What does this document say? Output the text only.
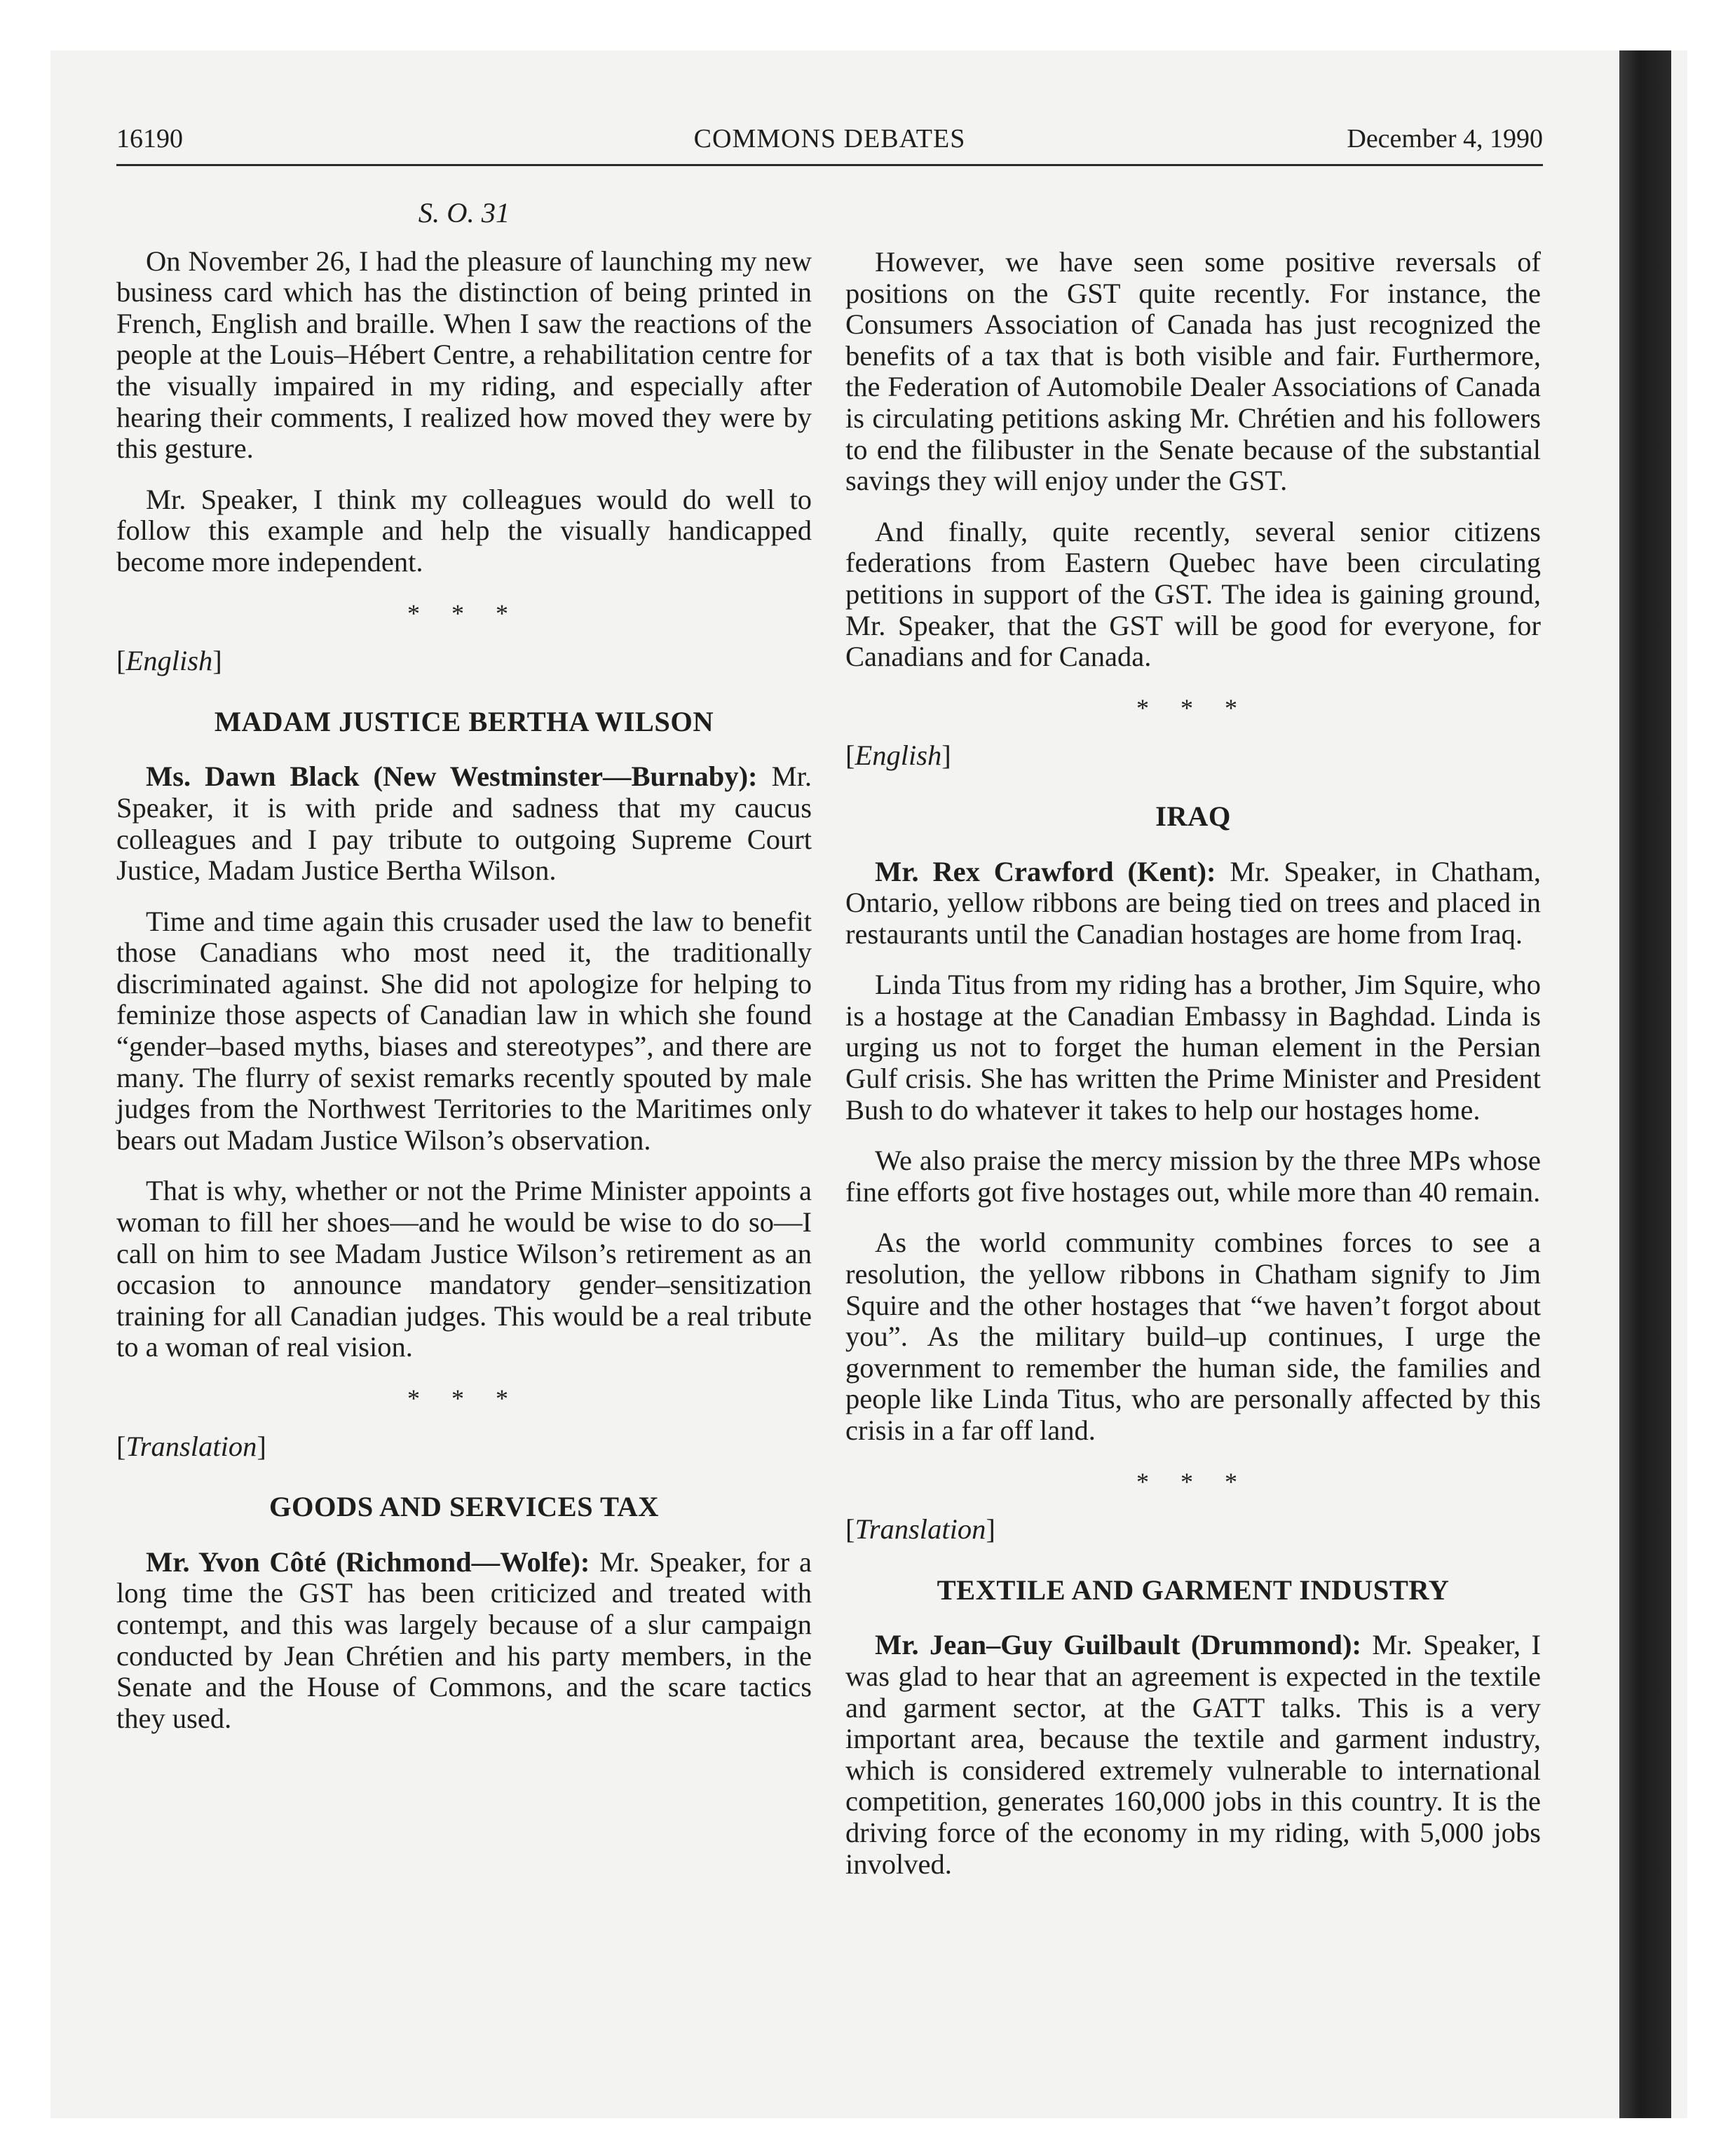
16190	COMMONS DEBATES	December 4, 1990

S. O. 31

On November 26, I had the pleasure of launching my new business card which has the distinction of being printed in French, English and braille. When I saw the reactions of the people at the Louis–Hébert Centre, a rehabilitation centre for the visually impaired in my riding, and especially after hearing their comments, I realized how moved they were by this gesture.

Mr. Speaker, I think my colleagues would do well to follow this example and help the visually handicapped become more independent.

* * *

[English]

MADAM JUSTICE BERTHA WILSON

Ms. Dawn Black (New Westminster—Burnaby): Mr. Speaker, it is with pride and sadness that my caucus colleagues and I pay tribute to outgoing Supreme Court Justice, Madam Justice Bertha Wilson.

Time and time again this crusader used the law to benefit those Canadians who most need it, the traditionally discriminated against. She did not apologize for helping to feminize those aspects of Canadian law in which she found “gender–based myths, biases and stereotypes”, and there are many. The flurry of sexist remarks recently spouted by male judges from the Northwest Territories to the Maritimes only bears out Madam Justice Wilson’s observation.

That is why, whether or not the Prime Minister appoints a woman to fill her shoes—and he would be wise to do so—I call on him to see Madam Justice Wilson’s retirement as an occasion to announce mandatory gender–sensitization training for all Canadian judges. This would be a real tribute to a woman of real vision.

* * *

[Translation]

GOODS AND SERVICES TAX

Mr. Yvon Côté (Richmond—Wolfe): Mr. Speaker, for a long time the GST has been criticized and treated with contempt, and this was largely because of a slur campaign conducted by Jean Chrétien and his party members, in the Senate and the House of Commons, and the scare tactics they used.

However, we have seen some positive reversals of positions on the GST quite recently. For instance, the Consumers Association of Canada has just recognized the benefits of a tax that is both visible and fair. Furthermore, the Federation of Automobile Dealer Associations of Canada is circulating petitions asking Mr. Chrétien and his followers to end the filibuster in the Senate because of the substantial savings they will enjoy under the GST.

And finally, quite recently, several senior citizens federations from Eastern Quebec have been circulating petitions in support of the GST. The idea is gaining ground, Mr. Speaker, that the GST will be good for everyone, for Canadians and for Canada.

* * *

[English]

IRAQ

Mr. Rex Crawford (Kent): Mr. Speaker, in Chatham, Ontario, yellow ribbons are being tied on trees and placed in restaurants until the Canadian hostages are home from Iraq.

Linda Titus from my riding has a brother, Jim Squire, who is a hostage at the Canadian Embassy in Baghdad. Linda is urging us not to forget the human element in the Persian Gulf crisis. She has written the Prime Minister and President Bush to do whatever it takes to help our hostages home.

We also praise the mercy mission by the three MPs whose fine efforts got five hostages out, while more than 40 remain.

As the world community combines forces to see a resolution, the yellow ribbons in Chatham signify to Jim Squire and the other hostages that “we haven’t forgot about you”. As the military build–up continues, I urge the government to remember the human side, the families and people like Linda Titus, who are personally affected by this crisis in a far off land.

* * *

[Translation]

TEXTILE AND GARMENT INDUSTRY

Mr. Jean–Guy Guilbault (Drummond): Mr. Speaker, I was glad to hear that an agreement is expected in the textile and garment sector, at the GATT talks. This is a very important area, because the textile and garment industry, which is considered extremely vulnerable to international competition, generates 160,000 jobs in this country. It is the driving force of the economy in my riding, with 5,000 jobs involved.
